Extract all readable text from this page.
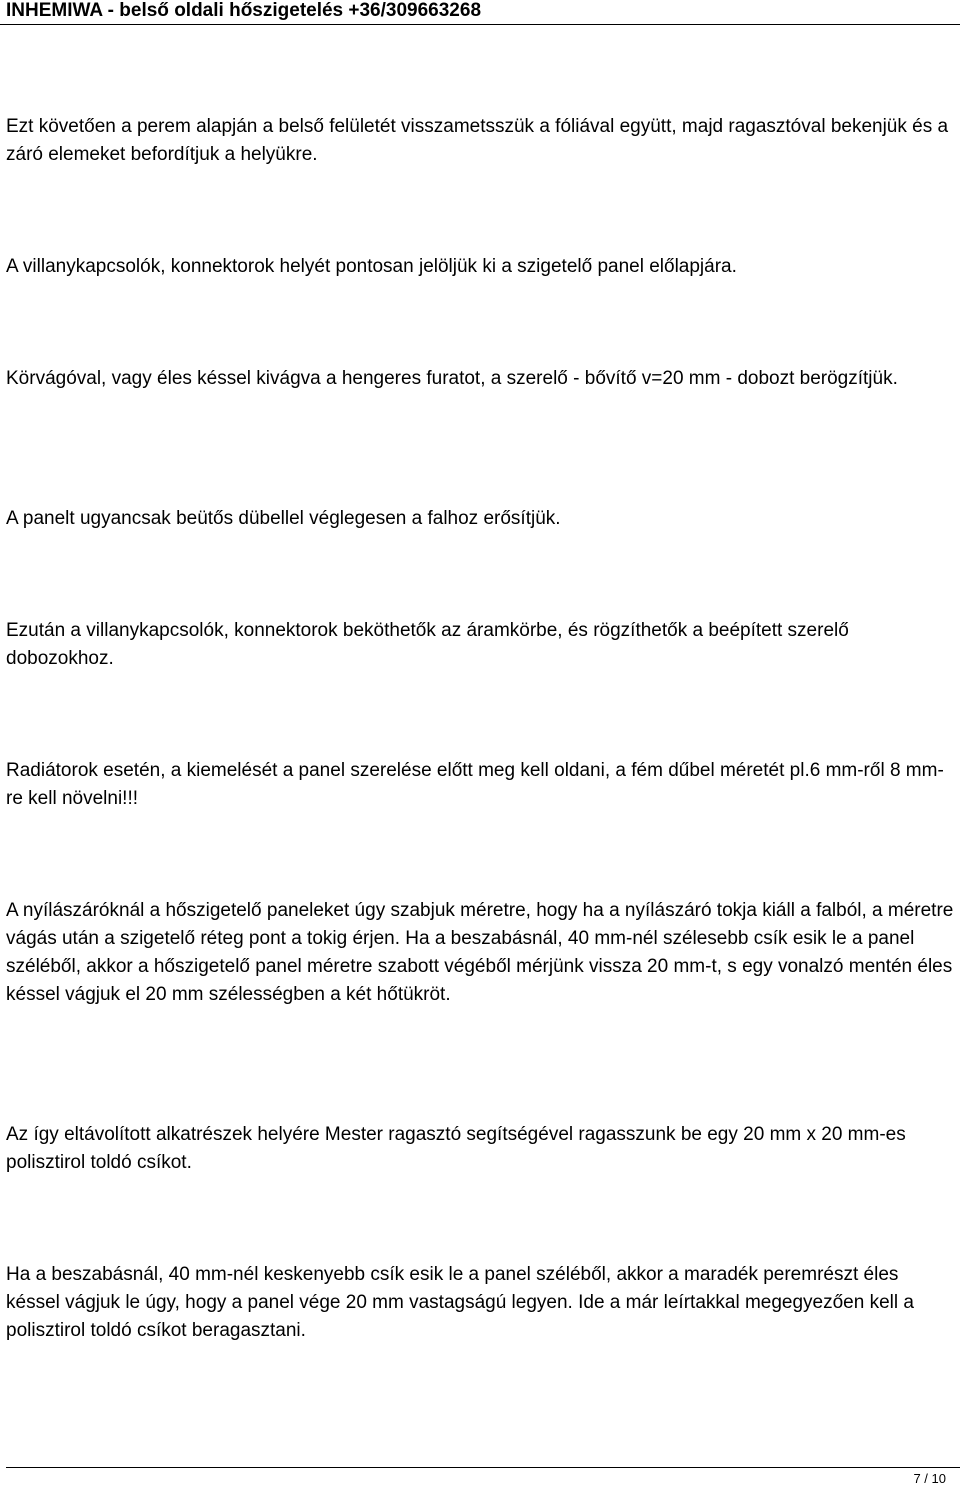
INHEMIWA - belső oldali hőszigetelés +36/309663268

Ezt követően a perem alapján a belső felületét visszametsszük a fóliával együtt, majd ragasztóval bekenjük és a záró elemeket befordítjuk a helyükre.

A villanykapcsolók, konnektorok helyét pontosan jelöljük ki a szigetelő panel előlapjára.

Körvágóval, vagy éles késsel kivágva a hengeres furatot, a szerelő - bővítő v=20 mm - dobozt berögzítjük.

A panelt ugyancsak beütős dübellel véglegesen a falhoz erősítjük.

Ezután a villanykapcsolók, konnektorok beköthetők az áramkörbe, és rögzíthetők a beépített szerelő dobozokhoz.

Radiátorok esetén, a kiemelését a panel szerelése előtt meg kell oldani, a fém dűbel méretét pl.6 mm-ről 8 mm-re kell növelni!!!

A nyílászáróknál a hőszigetelő paneleket úgy szabjuk méretre, hogy ha a nyílászáró tokja kiáll a falból, a méretre vágás után a szigetelő réteg pont a tokig érjen. Ha a beszabásnál, 40 mm-nél szélesebb csík esik le a panel széléből, akkor a hőszigetelő panel méretre szabott végéből mérjünk vissza 20 mm-t, s egy vonalzó mentén éles késsel vágjuk el 20 mm szélességben a két hőtükröt.

Az így eltávolított alkatrészek helyére Mester ragasztó segítségével ragasszunk be egy 20 mm x 20 mm-es polisztirol toldó csíkot.

Ha a beszabásnál, 40 mm-nél keskenyebb csík esik le a panel széléből, akkor a maradék peremrészt éles késsel vágjuk le úgy, hogy a panel vége 20 mm vastagságú legyen. Ide a már leírtakkal megegyezően kell a polisztirol toldó csíkot beragasztani.

7 / 10
